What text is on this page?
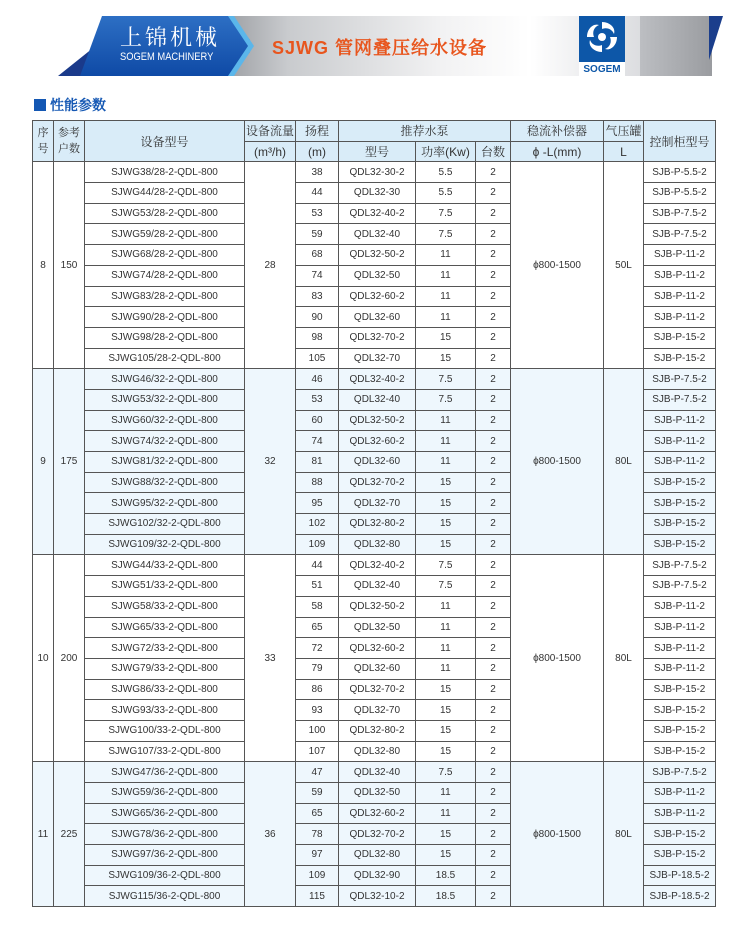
上锦机械
SOGEM MACHINERY	SJWG 管网叠压给水设备
SOGEM
性能参数
序号	参考户数	设备型号	设备流量	扬程	推荐水泵			稳流补偿器	气压罐	控制柜型号
			(m³/h)	(m)	型号	功率(Kw)	台数	ϕ -L(mm)	L	
8	150	SJWG38/28-2-QDL-800	28	38	QDL32-30-2	5.5	2	ϕ800-1500	50L	SJB-P-5.5-2
		SJWG44/28-2-QDL-800		44	QDL32-30	5.5	2			SJB-P-5.5-2
		SJWG53/28-2-QDL-800		53	QDL32-40-2	7.5	2			SJB-P-7.5-2
		SJWG59/28-2-QDL-800		59	QDL32-40	7.5	2			SJB-P-7.5-2
		SJWG68/28-2-QDL-800		68	QDL32-50-2	11	2			SJB-P-11-2
		SJWG74/28-2-QDL-800		74	QDL32-50	11	2			SJB-P-11-2
		SJWG83/28-2-QDL-800		83	QDL32-60-2	11	2			SJB-P-11-2
		SJWG90/28-2-QDL-800		90	QDL32-60	11	2			SJB-P-11-2
		SJWG98/28-2-QDL-800		98	QDL32-70-2	15	2			SJB-P-15-2
		SJWG105/28-2-QDL-800		105	QDL32-70	15	2			SJB-P-15-2
9	175	SJWG46/32-2-QDL-800	32	46	QDL32-40-2	7.5	2	ϕ800-1500	80L	SJB-P-7.5-2
		SJWG53/32-2-QDL-800		53	QDL32-40	7.5	2			SJB-P-7.5-2
		SJWG60/32-2-QDL-800		60	QDL32-50-2	11	2			SJB-P-11-2
		SJWG74/32-2-QDL-800		74	QDL32-60-2	11	2			SJB-P-11-2
		SJWG81/32-2-QDL-800		81	QDL32-60	11	2			SJB-P-11-2
		SJWG88/32-2-QDL-800		88	QDL32-70-2	15	2			SJB-P-15-2
		SJWG95/32-2-QDL-800		95	QDL32-70	15	2			SJB-P-15-2
		SJWG102/32-2-QDL-800		102	QDL32-80-2	15	2			SJB-P-15-2
		SJWG109/32-2-QDL-800		109	QDL32-80	15	2			SJB-P-15-2
10	200	SJWG44/33-2-QDL-800	33	44	QDL32-40-2	7.5	2	ϕ800-1500	80L	SJB-P-7.5-2
		SJWG51/33-2-QDL-800		51	QDL32-40	7.5	2			SJB-P-7.5-2
		SJWG58/33-2-QDL-800		58	QDL32-50-2	11	2			SJB-P-11-2
		SJWG65/33-2-QDL-800		65	QDL32-50	11	2			SJB-P-11-2
		SJWG72/33-2-QDL-800		72	QDL32-60-2	11	2			SJB-P-11-2
		SJWG79/33-2-QDL-800		79	QDL32-60	11	2			SJB-P-11-2
		SJWG86/33-2-QDL-800		86	QDL32-70-2	15	2			SJB-P-15-2
		SJWG93/33-2-QDL-800		93	QDL32-70	15	2			SJB-P-15-2
		SJWG100/33-2-QDL-800		100	QDL32-80-2	15	2			SJB-P-15-2
		SJWG107/33-2-QDL-800		107	QDL32-80	15	2			SJB-P-15-2
11	225	SJWG47/36-2-QDL-800	36	47	QDL32-40	7.5	2	ϕ800-1500	80L	SJB-P-7.5-2
		SJWG59/36-2-QDL-800		59	QDL32-50	11	2			SJB-P-11-2
		SJWG65/36-2-QDL-800		65	QDL32-60-2	11	2			SJB-P-11-2
		SJWG78/36-2-QDL-800		78	QDL32-70-2	15	2			SJB-P-15-2
		SJWG97/36-2-QDL-800		97	QDL32-80	15	2			SJB-P-15-2
		SJWG109/36-2-QDL-800		109	QDL32-90	18.5	2			SJB-P-18.5-2
		SJWG115/36-2-QDL-800		115	QDL32-10-2	18.5	2			SJB-P-18.5-2
